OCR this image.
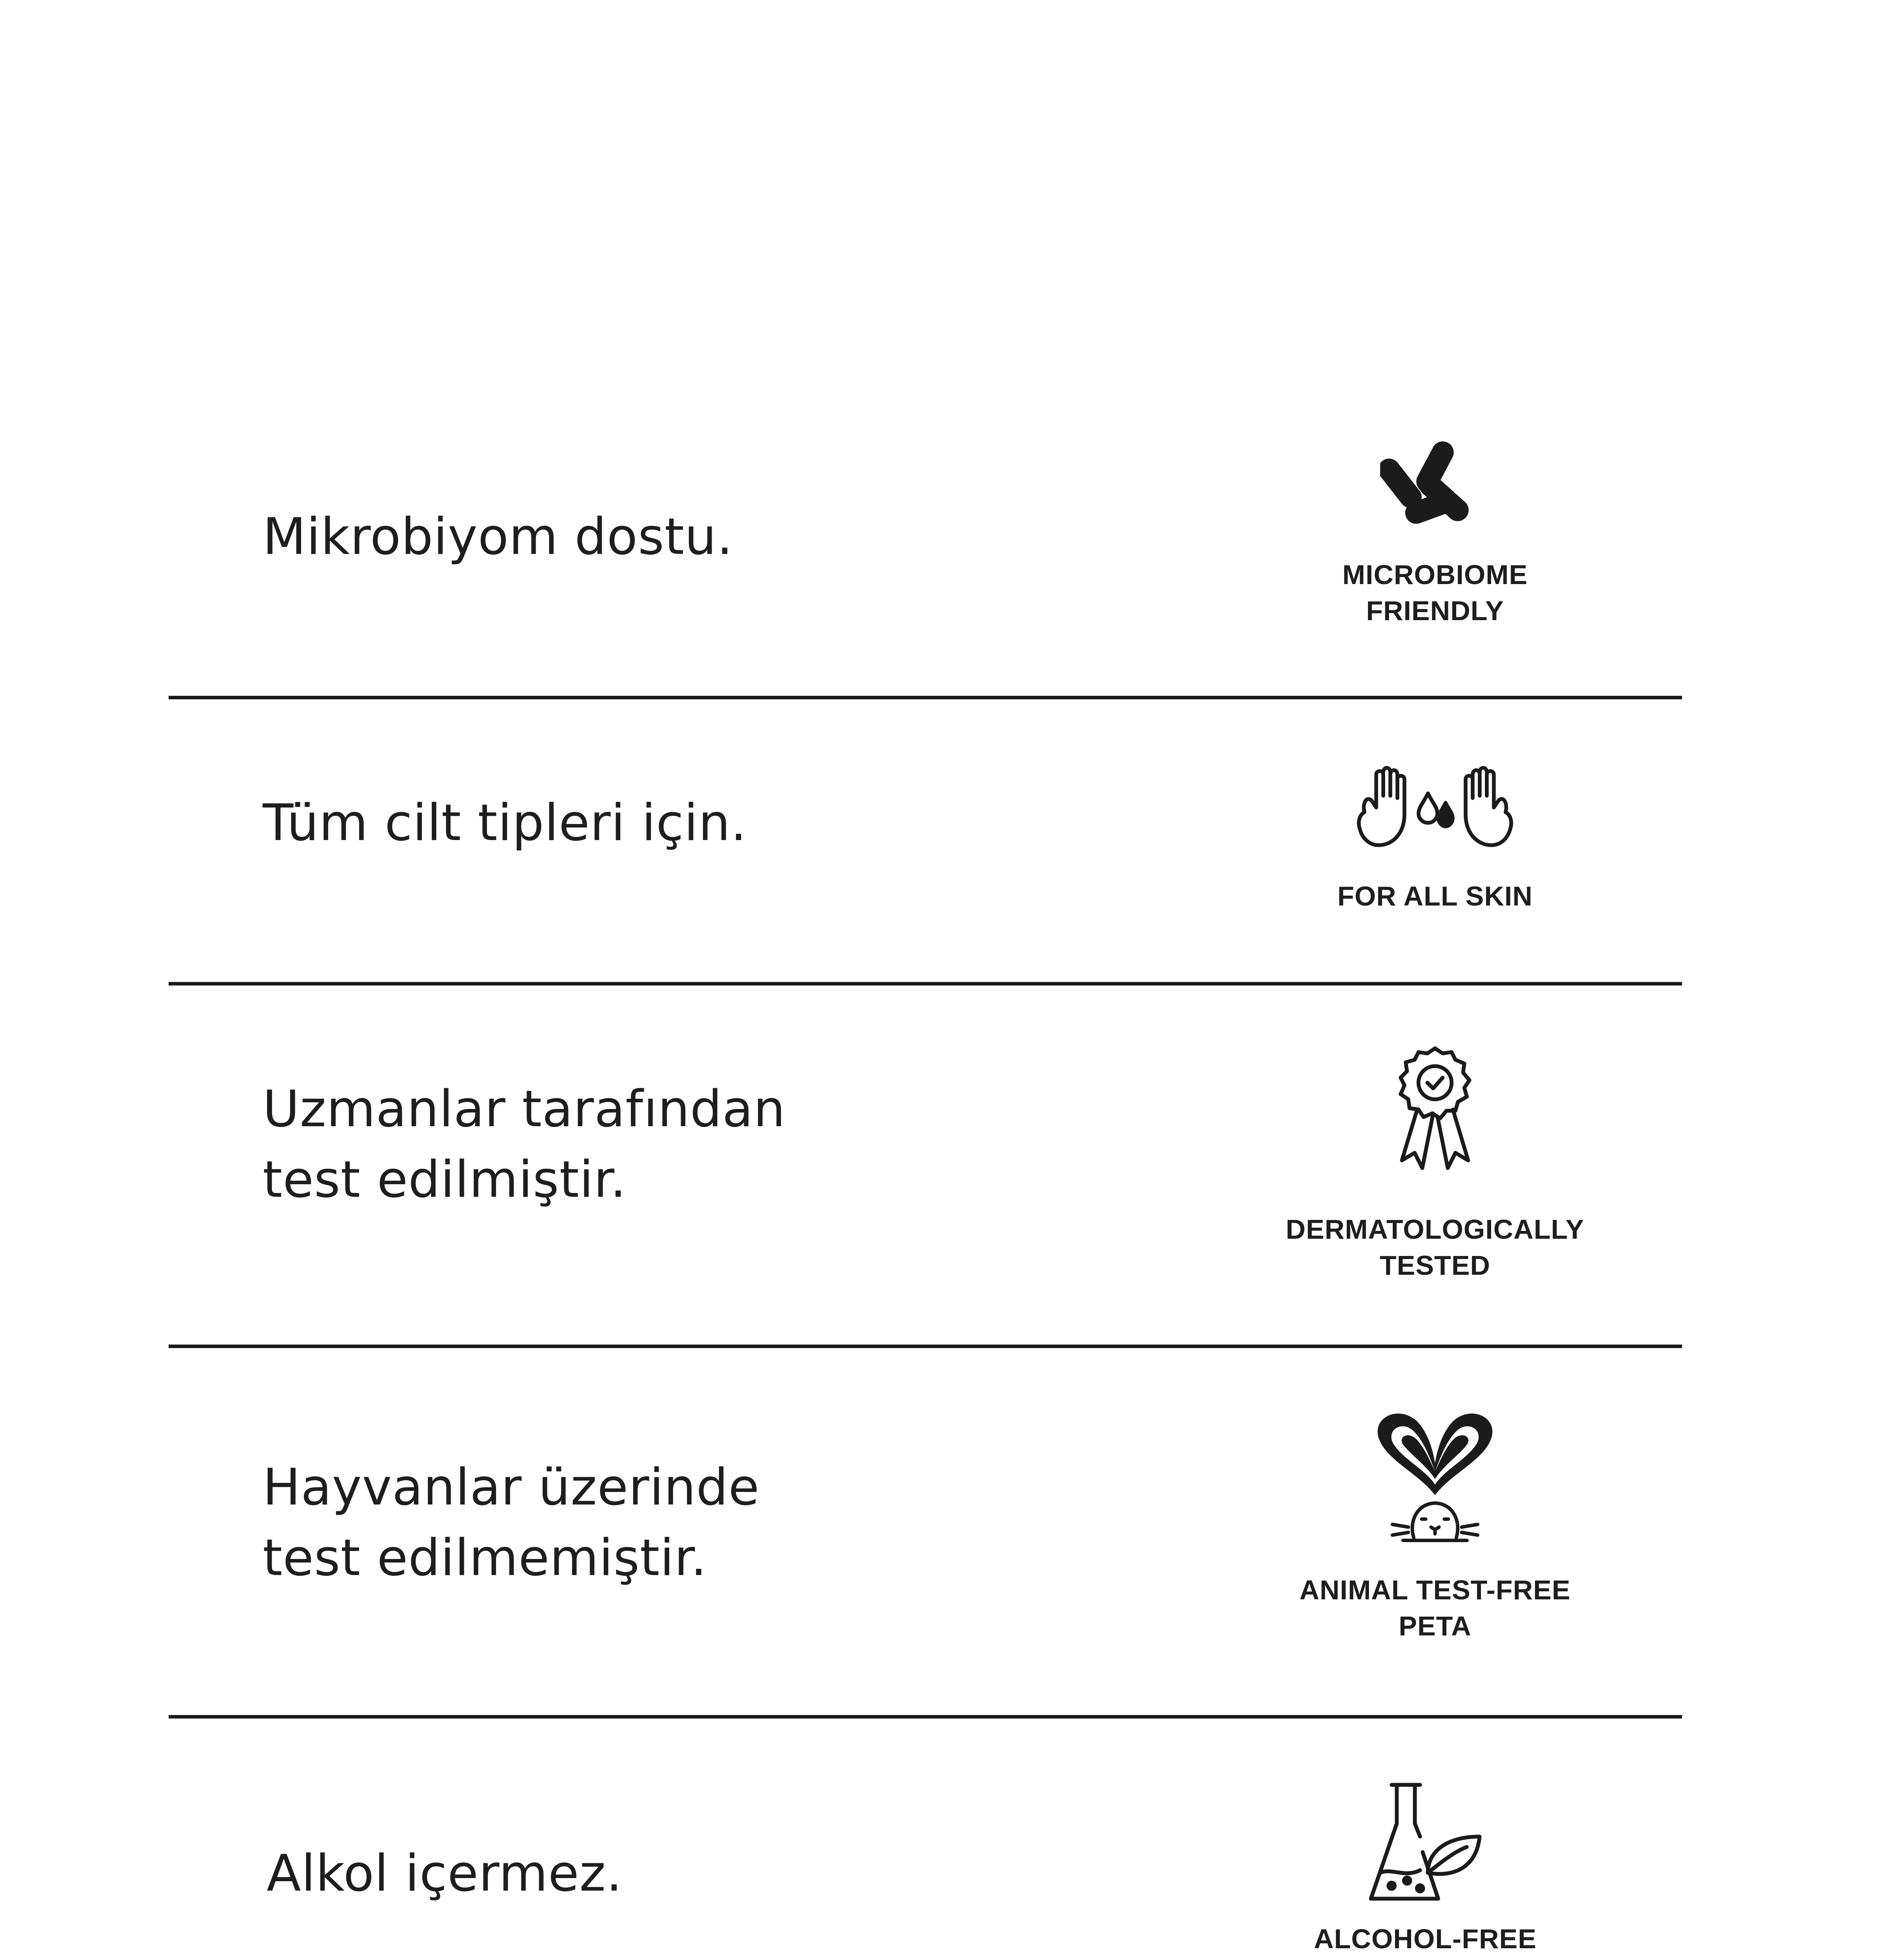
Mikrobiyom dostu.
MICROBIOME
FRIENDLY
Tüm cilt tipleri için.
FOR ALL SKIN
Uzmanlar tarafından
test edilmiştir.
DERMATOLOGICALLY
TESTED
Hayvanlar üzerinde
test edilmemiştir.
ANIMAL TEST-FREE
PETA
Alkol içermez.
ALCOHOL-FREE
